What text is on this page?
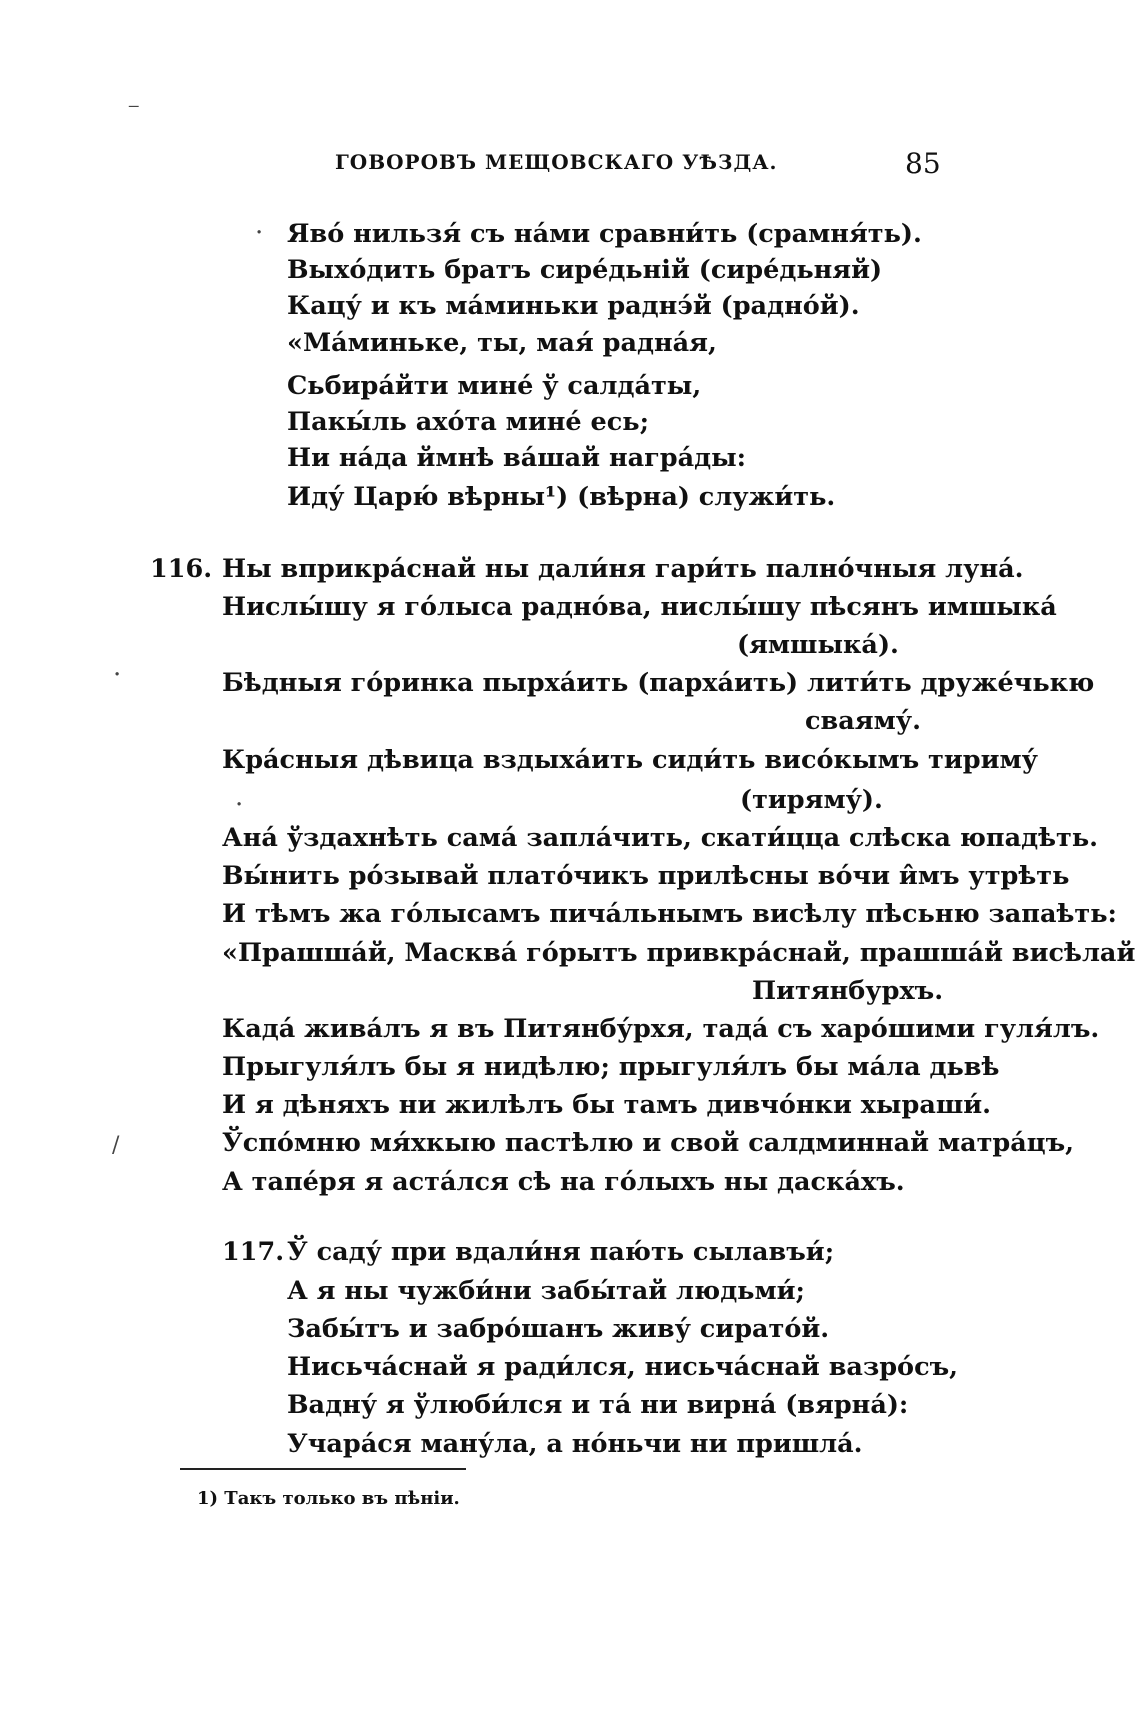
‒
·
·
·
/
ГОВОРОВЪ МЕЩОВСКАГО УѢЗДА.	85
Яво́ нильзя́ съ на́ми сравни́ть (срамня́ть).
Выхо́дить братъ сире́дьній (сире́дьняй)
Кацу́ и къ ма́миньки раднэ́й (радно́й).
«Ма́миньке, ты, мая́ радна́я,
Сьбира́йти мине́ ў салда́ты,
Пакы́ль ахо́та мине́ есь;
Ни на́да ймнѣ ва́шай награ́ды:
Иду́ Царю́ вѣрны¹) (вѣрна) служи́ть.
116. Ны вприкра́снай ны дали́ня гари́ть пално́чныя луна́.
Нислы́шу я го́лыса радно́ва, нислы́шу пѣсянъ имшыка́
(ямшыка́).
Бѣдныя го́ринка пырха́ить (парха́ить) лити́ть друже́чькю
сваяму́.
Кра́сныя дѣвица вздыха́ить сиди́ть висо́кымъ тириму́
(тиряму́).
Ана́ ўздахнѣть сама́ запла́чить, скати́цца слѣска юпадѣть.
Вы́нить ро́зывай плато́чикъ прилѣсны во́чи и̂мъ утрѣть
И тѣмъ жа го́лысамъ пича́льнымъ висѣлу пѣсьню запаѣть:
«Прашша́й, Масква́ го́рытъ привкра́снай, прашша́й висѣлай
Питянбурхъ.
Када́ жива́лъ я въ Питянбу́рхя, тада́ съ харо́шими гуля́лъ.
Прыгуля́лъ бы я нидѣлю; прыгуля́лъ бы ма́ла дьвѣ
И я дѣняхъ ни жилѣлъ бы тамъ дивчо́нки хыраши́.
Ўспо́мню мя́хкыю пастѣлю и свой салдминнай матра́цъ,
А тапе́ря я аста́лся сѣ на го́лыхъ ны даска́хъ.
117. Ў саду́ при вдали́ня паю́ть сылавъи́;
А я ны чужби́ни забы́тай людьми́;
Забы́тъ и забро́шанъ живу́ сирато́й.
Нисьча́снай я ради́лся, нисьча́снай вазро́съ,
Вадну́ я ўлюби́лся и та́ ни вирна́ (вярна́):
Учара́ся ману́ла, а но́ньчи ни пришла́.
1) Такъ только въ пѣніи.
